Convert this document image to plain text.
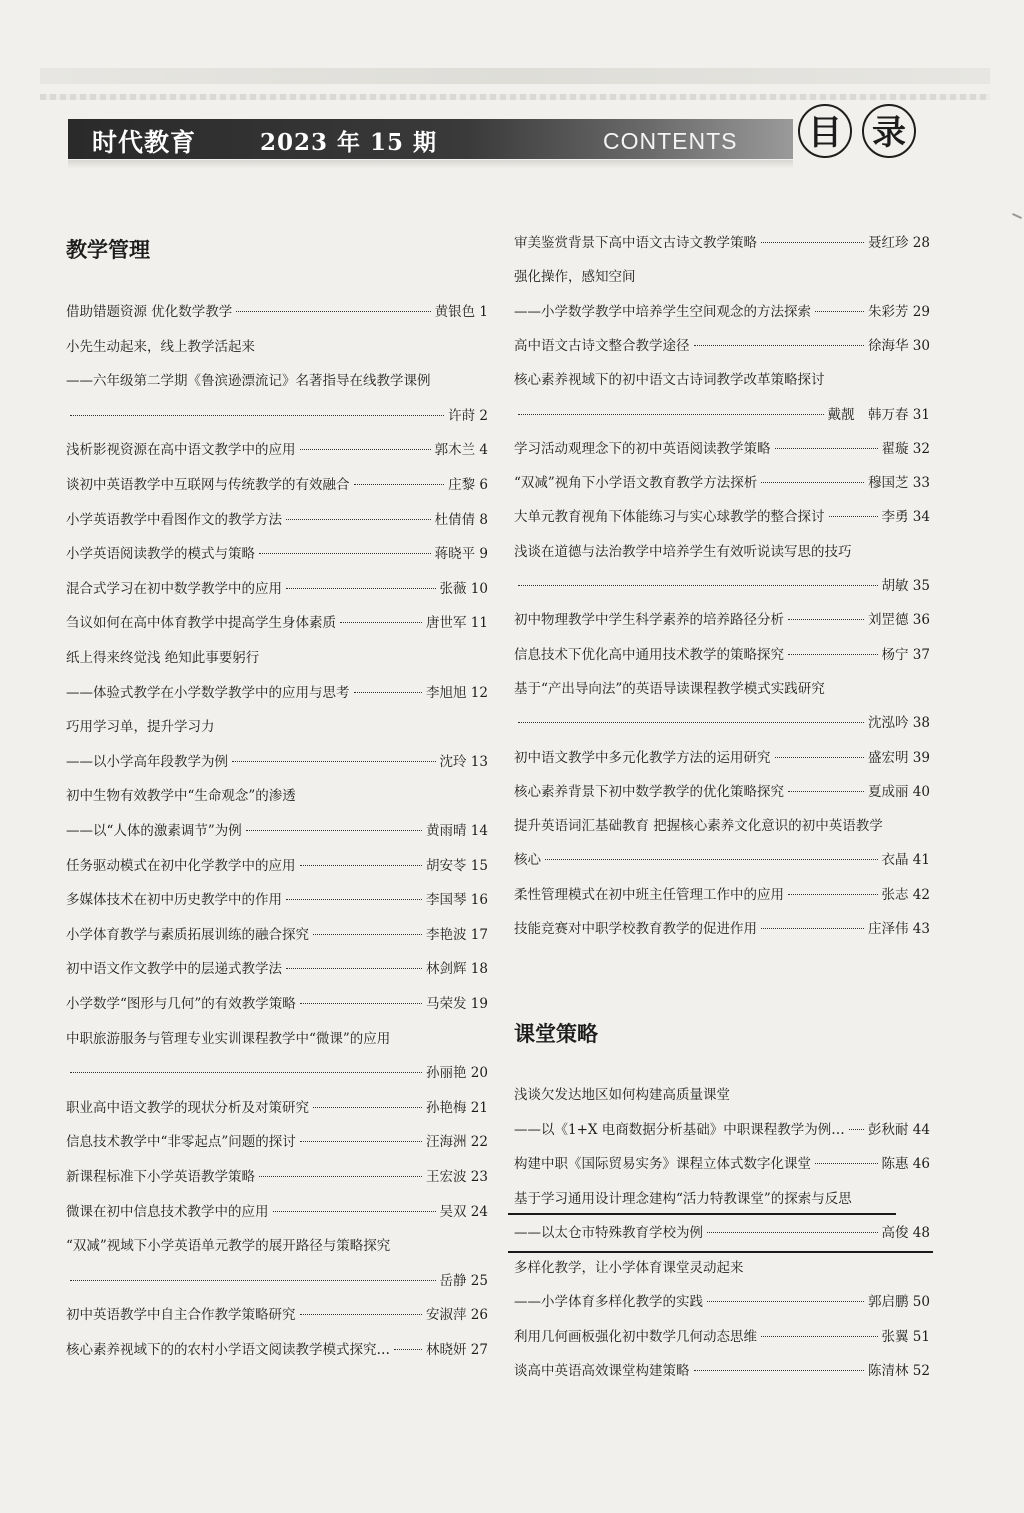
时代教育	2023 年 15 期	CONTENTS 目 录
教学管理
借助错题资源 优化数学教学	黄银色 1
小先生动起来，线上教学活起来
——六年级第二学期《鲁滨逊漂流记》名著指导在线教学课例
许莳 2
浅析影视资源在高中语文教学中的应用	郭木兰 4
谈初中英语教学中互联网与传统教学的有效融合	庄黎 6
小学英语教学中看图作文的教学方法	杜倩倩 8
小学英语阅读教学的模式与策略	蒋晓平 9
混合式学习在初中数学教学中的应用	张薇 10
刍议如何在高中体育教学中提高学生身体素质	唐世军 11
纸上得来终觉浅 绝知此事要躬行
——体验式教学在小学数学教学中的应用与思考	李旭旭 12
巧用学习单，提升学习力
——以小学高年段教学为例	沈玲 13
初中生物有效教学中“生命观念”的渗透
——以“人体的激素调节”为例	黄雨晴 14
任务驱动模式在初中化学教学中的应用	胡安苓 15
多媒体技术在初中历史教学中的作用	李国琴 16
小学体育教学与素质拓展训练的融合探究	李艳波 17
初中语文作文教学中的层递式教学法	林剑辉 18
小学数学“图形与几何”的有效教学策略	马荣发 19
中职旅游服务与管理专业实训课程教学中“微课”的应用
孙丽艳 20
职业高中语文教学的现状分析及对策研究	孙艳梅 21
信息技术教学中“非零起点”问题的探讨	汪海洲 22
新课程标准下小学英语教学策略	王宏波 23
微课在初中信息技术教学中的应用	吴双 24
“双减”视域下小学英语单元教学的展开路径与策略探究
岳静 25
初中英语教学中自主合作教学策略研究	安淑萍 26
核心素养视域下的的农村小学语文阅读教学模式探究…	林晓妍 27
课堂策略
审美鉴赏背景下高中语文古诗文教学策略	聂红珍 28
强化操作，感知空间
——小学数学教学中培养学生空间观念的方法探索	朱彩芳 29
高中语文古诗文整合教学途径	徐海华 30
核心素养视域下的初中语文古诗词教学改革策略探讨
戴靓　韩万春 31
学习活动观理念下的初中英语阅读教学策略	翟璇 32
“双减”视角下小学语文教育教学方法探析	穆国芝 33
大单元教育视角下体能练习与实心球教学的整合探讨	李勇 34
浅谈在道德与法治教学中培养学生有效听说读写思的技巧
胡敏 35
初中物理教学中学生科学素养的培养路径分析	刘罡德 36
信息技术下优化高中通用技术教学的策略探究	杨宁 37
基于“产出导向法”的英语导读课程教学模式实践研究
沈泓吟 38
初中语文教学中多元化教学方法的运用研究	盛宏明 39
核心素养背景下初中数学教学的优化策略探究	夏成丽 40
提升英语词汇基础教育 把握核心素养文化意识的初中英语教学
核心	衣晶 41
柔性管理模式在初中班主任管理工作中的应用	张志 42
技能竞赛对中职学校教育教学的促进作用	庄泽伟 43
浅谈欠发达地区如何构建高质量课堂
——以《1+X 电商数据分析基础》中职课程教学为例… 彭秋耐 44
构建中职《国际贸易实务》课程立体式数字化课堂	陈惠 46
基于学习通用设计理念建构“活力特教课堂”的探索与反思
——以太仓市特殊教育学校为例	高俊 48
多样化教学，让小学体育课堂灵动起来
——小学体育多样化教学的实践	郭启鹏 50
利用几何画板强化初中数学几何动态思维	张翼 51
谈高中英语高效课堂构建策略	陈清林 52
